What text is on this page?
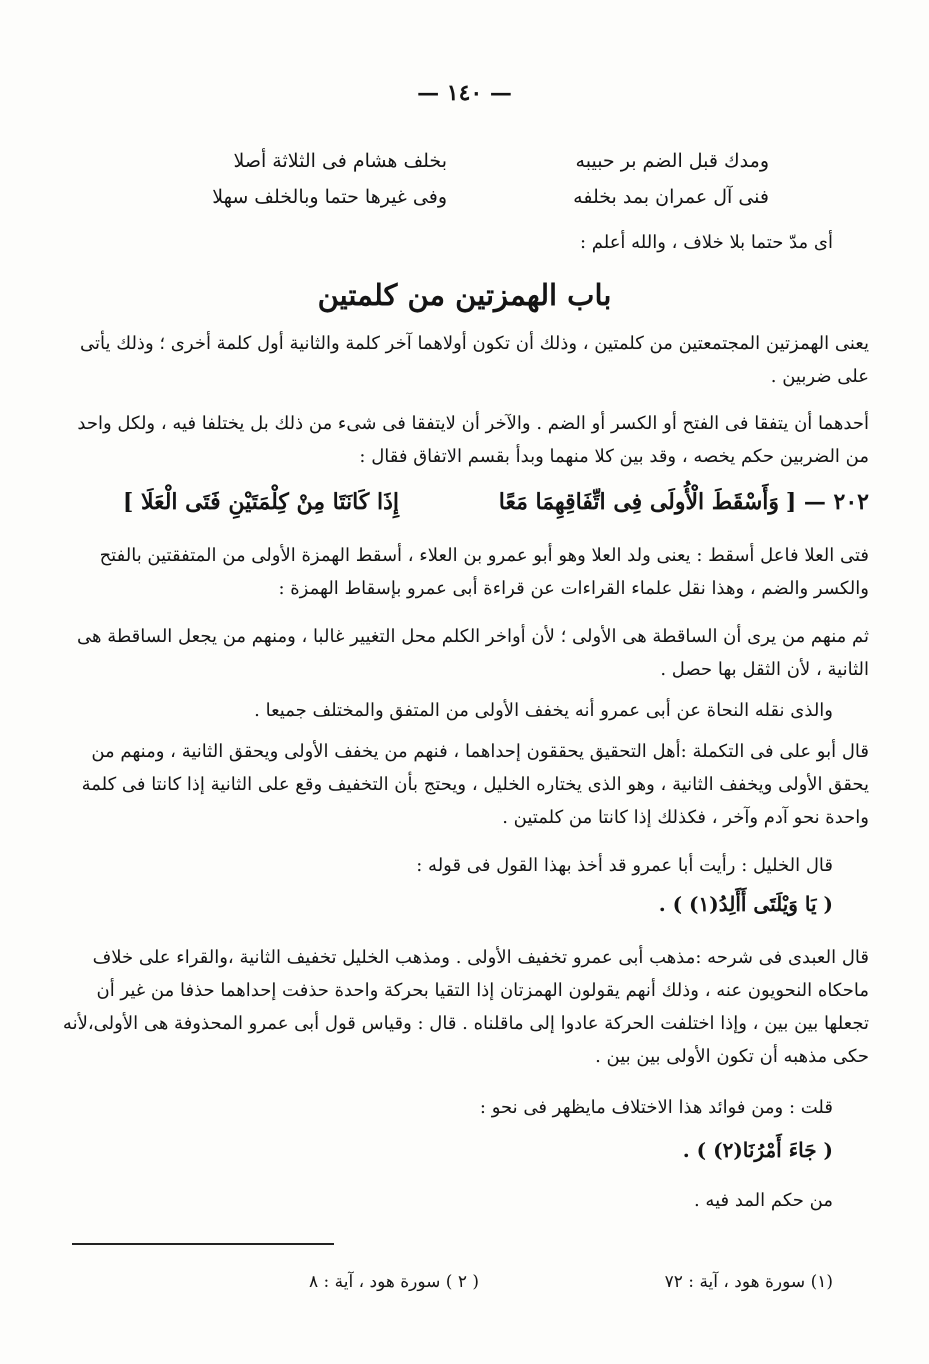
— ١٤٠ —
ومدك قبل الضم بر حبيبه
بخلف هشام فى الثلاثة أصلا
فنى آل عمران بمد بخلفه
وفى غيرها حتما وبالخلف سهلا
أى مدّ حتما بلا خلاف ، والله أعلم :
باب الهمزتين من كلمتين

يعنى الهمزتين المجتمعتين من كلمتين ، وذلك أن تكون أولاهما آخر كلمة والثانية أول كلمة أخرى ؛ وذلك يأتى على ضربين .

أحدهما أن يتفقا فى الفتح أو الكسر أو الضم . والآخر أن لايتفقا فى شىء من ذلك بل يختلفا فيه ، ولكل واحد من الضربين حكم يخصه ، وقد بين كلا منهما وبدأ بقسم الاتفاق فقال :

٢٠٢ — [
وَأَسْقَطَ الْأُولَى فِى اتِّفَاقِهِمَا مَعًا
إِذَا كَانَتَا مِنْ كِلْمَتَيْنِ فَتَى الْعَلَا ]

فتى العلا فاعل أسقط : يعنى ولد العلا وهو أبو عمرو بن العلاء ، أسقط الهمزة الأولى من المتفقتين بالفتح والكسر والضم ، وهذا نقل علماء القراءات عن قراءة أبى عمرو بإسقاط الهمزة :

ثم منهم من يرى أن الساقطة هى الأولى ؛ لأن أواخر الكلم محل التغيير غالبا ، ومنهم من يجعل الساقطة هى الثانية ، لأن الثقل بها حصل .

والذى نقله النحاة عن أبى عمرو أنه يخفف الأولى من المتفق والمختلف جميعا .

قال أبو على فى التكملة :أهل التحقيق يحققون إحداهما ، فنهم من يخفف الأولى ويحقق الثانية ، ومنهم من يحقق الأولى ويخفف الثانية ، وهو الذى يختاره الخليل ، ويحتج بأن التخفيف وقع على الثانية إذا كانتا فى كلمة واحدة نحو آدم وآخر ، فكذلك إذا كانتا من كلمتين .

قال الخليل : رأيت أبا عمرو قد أخذ بهذا القول فى قوله :

( يَا وَيْلَتَى أَأَلِدُ(١) ) .

قال العبدى فى شرحه :مذهب أبى عمرو تخفيف الأولى . ومذهب الخليل تخفيف الثانية ،والقراء على خلاف ماحكاه النحويون عنه ، وذلك أنهم يقولون الهمزتان إذا التقيا بحركة واحدة حذفت إحداهما حذفا من غير أن تجعلها بين بين ، وإذا اختلفت الحركة عادوا إلى ماقلناه . قال : وقياس قول أبى عمرو المحذوفة هى الأولى،لأنه حكى مذهبه أن تكون الأولى بين بين .

قلت : ومن فوائد هذا الاختلاف مايظهر فى نحو :

( جَاءَ أَمْرُنَا(٢) ) .

من حكم المد فيه .

(١) سورة هود ، آية : ٧٢
( ٢ ) سورة هود ، آية : ٨
